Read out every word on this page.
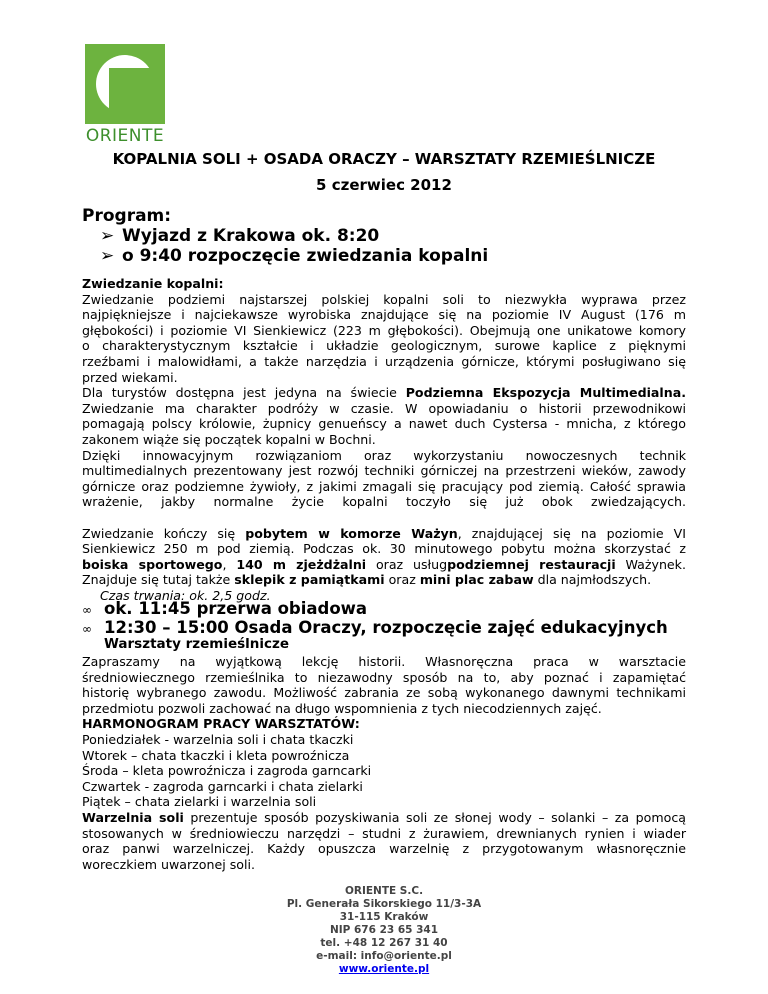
ORIENTE
KOPALNIA SOLI + OSADA ORACZY – WARSZTATY RZEMIEŚLNICZE
5 czerwiec 2012
Program:
➢ Wyjazd z Krakowa ok. 8:20
➢ o 9:40 rozpoczęcie zwiedzania kopalni

Zwiedzanie kopalni:

Zwiedzanie podziemi najstarszej polskiej kopalni soli to niezwykła wyprawa przez

najpiękniejsze i najciekawsze wyrobiska znajdujące się na poziomie IV August (176 m

głębokości) i poziomie VI Sienkiewicz (223 m głębokości). Obejmują one unikatowe komory

o charakterystycznym kształcie i układzie geologicznym, surowe kaplice z pięknymi

rzeźbami i malowidłami, a także narzędzia i urządzenia górnicze, którymi posługiwano się

przed wiekami.

Dla turystów dostępna jest jedyna na świecie Podziemna Ekspozycja Multimedialna.

Zwiedzanie ma charakter podróży w czasie. W opowiadaniu o historii przewodnikowi

pomagają polscy królowie, żupnicy genueńscy a nawet duch Cystersa - mnicha, z którego

zakonem wiąże się początek kopalni w Bochni.

Dzięki innowacyjnym rozwiązaniom oraz wykorzystaniu nowoczesnych technik

multimedialnych prezentowany jest rozwój techniki górniczej na przestrzeni wieków, zawody

górnicze oraz podziemne żywioły, z jakimi zmagali się pracujący pod ziemią. Całość sprawia

wrażenie, jakby normalne życie kopalni toczyło się już obok zwiedzających.

Zwiedzanie kończy się pobytem w komorze Ważyn, znajdującej się na poziomie VI

Sienkiewicz 250 m pod ziemią. Podczas ok. 30 minutowego pobytu można skorzystać z

boiska sportowego, 140 m zjeżdżalni oraz usługpodziemnej restauracji Ważynek.

Znajduje się tutaj także sklepik z pamiątkami oraz mini plac zabaw dla najmłodszych.

Czas trwania: ok. 2,5 godz.

∞ ok. 11:45 przerwa obiadowa
∞ 12:30 – 15:00 Osada Oraczy, rozpoczęcie zajęć edukacyjnych
Warsztaty rzemieślnicze

Zapraszamy na wyjątkową lekcję historii. Własnoręczna praca w warsztacie

średniowiecznego rzemieślnika to niezawodny sposób na to, aby poznać i zapamiętać

historię wybranego zawodu. Możliwość zabrania ze sobą wykonanego dawnymi technikami

przedmiotu pozwoli zachować na długo wspomnienia z tych niecodziennych zajęć.

HARMONOGRAM PRACY WARSZTATÓW:

Poniedziałek - warzelnia soli i chata tkaczki

Wtorek – chata tkaczki i kleta powroźnicza

Środa – kleta powroźnicza i zagroda garncarki

Czwartek - zagroda garncarki i chata zielarki

Piątek – chata zielarki i warzelnia soli

Warzelnia soli prezentuje sposób pozyskiwania soli ze słonej wody – solanki – za pomocą

stosowanych w średniowieczu narzędzi – studni z żurawiem, drewnianych rynien i wiader

oraz panwi warzelniczej. Każdy opuszcza warzelnię z przygotowanym własnoręcznie

woreczkiem uwarzonej soli.

ORIENTE S.C.
Pl. Generała Sikorskiego 11/3-3A
31-115 Kraków
NIP 676 23 65 341
tel. +48 12 267 31 40
e-mail: info@oriente.pl
www.oriente.pl
